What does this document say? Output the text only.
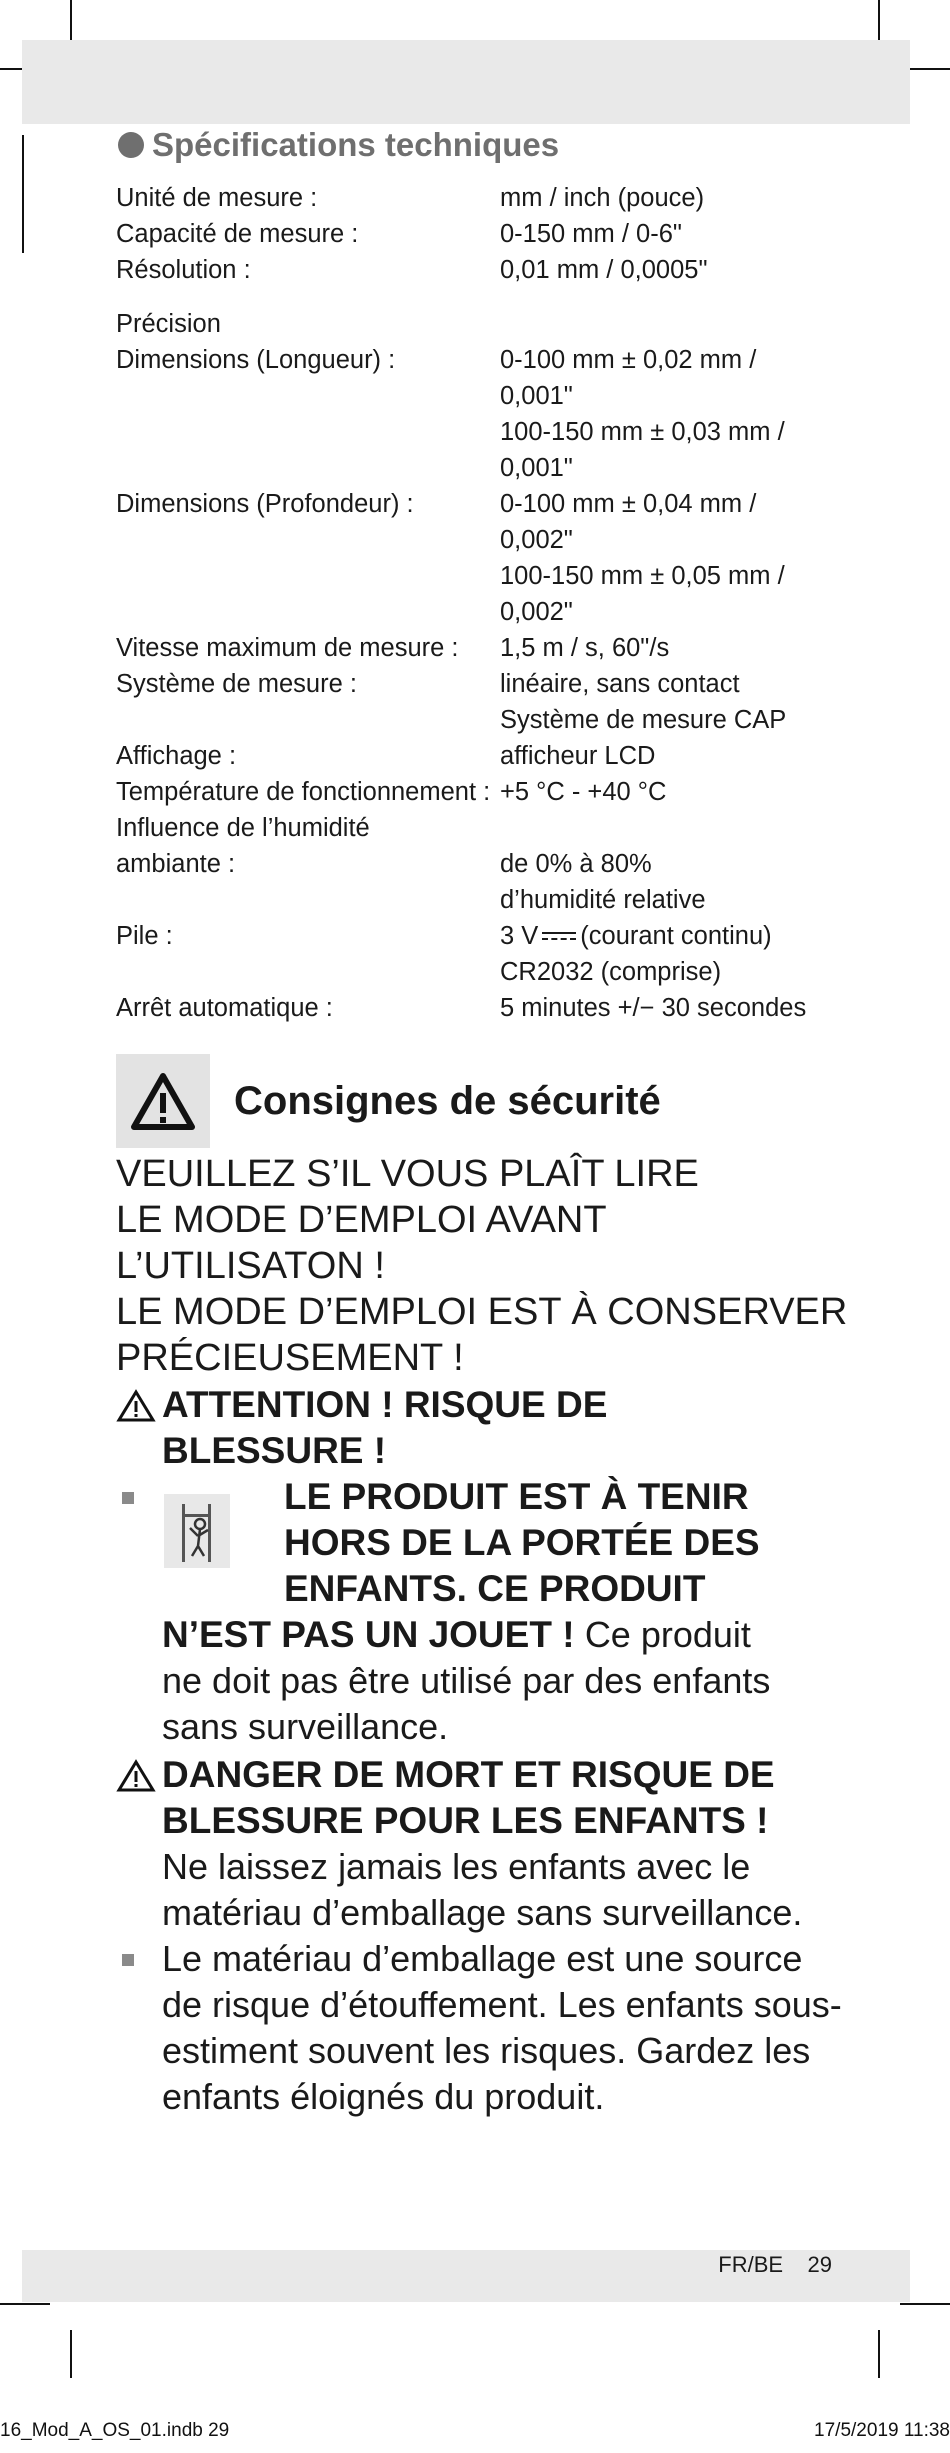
Spécifications techniques
Unité de mesure :	mm / inch (pouce)
Capacité de mesure :	0-150 mm / 0-6"
Résolution :	0,01 mm / 0,0005"
Précision
Dimensions (Longueur) :	0-100 mm ± 0,02 mm /
0,001"
100-150 mm ± 0,03 mm /
0,001"
Dimensions (Profondeur) :	0-100 mm ± 0,04 mm /
0,002"
100-150 mm ± 0,05 mm /
0,002"
Vitesse maximum de mesure :	1,5 m / s, 60"/s
Système de mesure :	linéaire, sans contact
Système de mesure CAP
Affichage :	afficheur LCD
Température de fonctionnement : +5 °C - +40 °C
Influence de l’humidité
ambiante :	de 0% à 80%
d’humidité relative
Pile :	3 V (courant continu)
CR2032 (comprise)
Arrêt automatique :	5 minutes +/− 30 secondes
Consignes de sécurité
VEUILLEZ S’IL VOUS PLAÎT LIRE
LE MODE D’EMPLOI AVANT
L’UTILISATON !
LE MODE D’EMPLOI EST À CONSERVER
PRÉCIEUSEMENT !
ATTENTION ! RISQUE DE
BLESSURE !
LE PRODUIT EST À TENIR
HORS DE LA PORTÉE DES
ENFANTS. CE PRODUIT
N’EST PAS UN JOUET ! Ce produit
ne doit pas être utilisé par des enfants
sans surveillance.
DANGER DE MORT ET RISQUE DE
BLESSURE POUR LES ENFANTS !
Ne laissez jamais les enfants avec le
matériau d’emballage sans surveillance.
Le matériau d’emballage est une source
de risque d’étouffement. Les enfants sous-
estiment souvent les risques. Gardez les
enfants éloignés du produit.
FR/BE 29
16_Mod_A_OS_01.indb 29	17/5/2019 11:38
